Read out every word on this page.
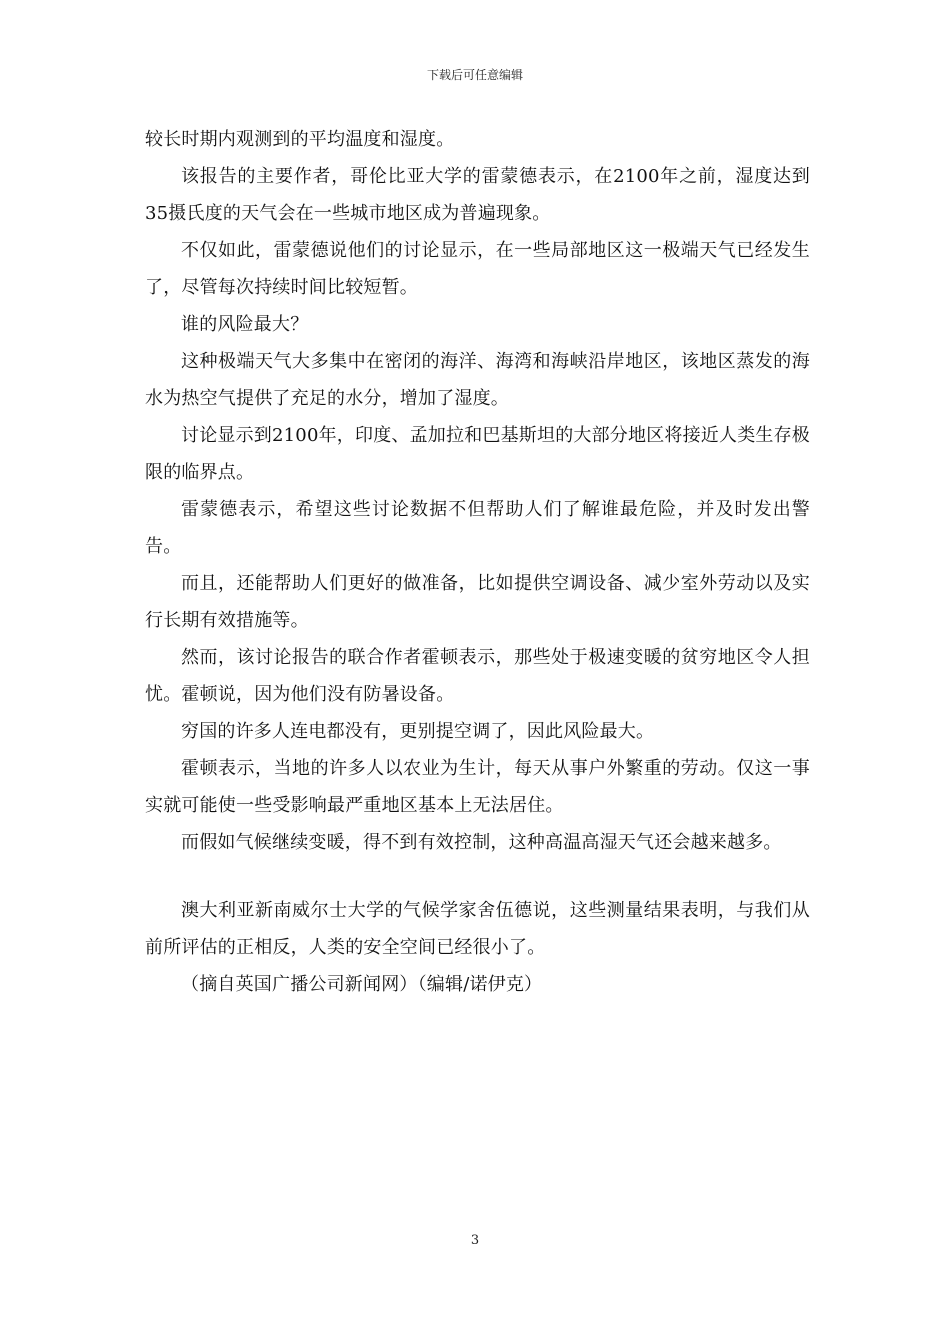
下载后可任意编辑

较长时期内观测到的平均温度和湿度。

该报告的主要作者，哥伦比亚大学的雷蒙德表示，在2100年之前，湿度达到35摄氏度的天气会在一些城市地区成为普遍现象。

不仅如此，雷蒙德说他们的讨论显示，在一些局部地区这一极端天气已经发生了，尽管每次持续时间比较短暂。

谁的风险最大？

这种极端天气大多集中在密闭的海洋、海湾和海峡沿岸地区，该地区蒸发的海水为热空气提供了充足的水分，增加了湿度。

讨论显示到2100年，印度、孟加拉和巴基斯坦的大部分地区将接近人类生存极限的临界点。

雷蒙德表示，希望这些讨论数据不但帮助人们了解谁最危险，并及时发出警告。

而且，还能帮助人们更好的做准备，比如提供空调设备、减少室外劳动以及实行长期有效措施等。

然而，该讨论报告的联合作者霍顿表示，那些处于极速变暖的贫穷地区令人担忧。霍顿说，因为他们没有防暑设备。

穷国的许多人连电都没有，更别提空调了，因此风险最大。

霍顿表示，当地的许多人以农业为生计，每天从事户外繁重的劳动。仅这一事实就可能使一些受影响最严重地区基本上无法居住。

而假如气候继续变暖，得不到有效控制，这种高温高湿天气还会越来越多。

澳大利亚新南威尔士大学的气候学家舍伍德说，这些测量结果表明，与我们从前所评估的正相反，人类的安全空间已经很小了。

（摘自英国广播公司新闻网）（编辑/诺伊克）

3
